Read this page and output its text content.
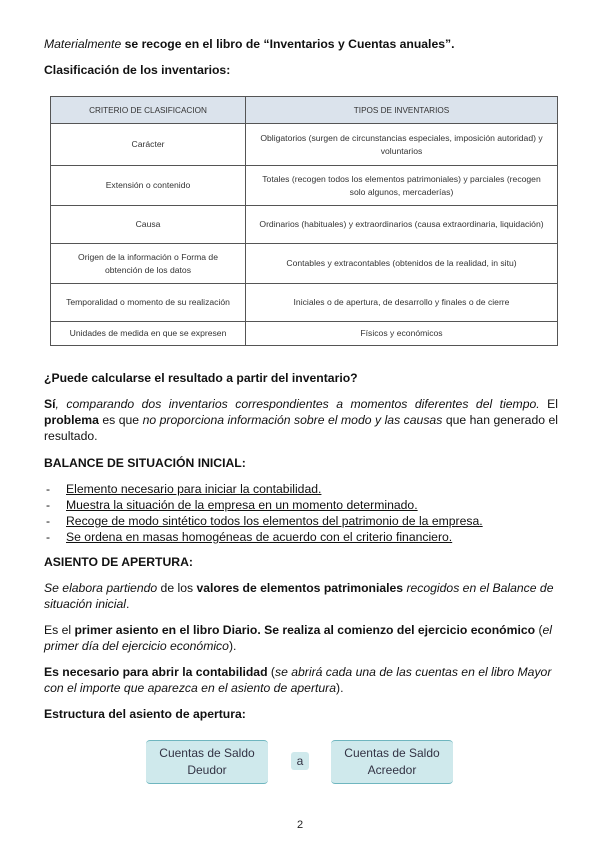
Materialmente se recoge en el libro de “Inventarios y Cuentas anuales”.

Clasificación de los inventarios:

CRITERIO DE CLASIFICACION	TIPOS DE INVENTARIOS
Carácter	Obligatorios (surgen de circunstancias especiales, imposición autoridad) y voluntarios
Extensión o contenido	Totales (recogen todos los elementos patrimoniales) y parciales (recogen solo algunos, mercaderías)
Causa	Ordinarios (habituales) y extraordinarios (causa extraordinaria, liquidación)
Origen de la información o Forma de obtención de los datos	Contables y extracontables (obtenidos de la realidad, in situ)
Temporalidad o momento de su realización	Iniciales o de apertura, de desarrollo y finales o de cierre
Unidades de medida en que se expresen	Físicos y económicos

¿Puede calcularse el resultado a partir del inventario?

Sí, comparando dos inventarios correspondientes a momentos diferentes del tiempo. El problema es que no proporciona información sobre el modo y las causas que han generado el resultado.

BALANCE DE SITUACIÓN INICIAL:

- Elemento necesario para iniciar la contabilidad.
- Muestra la situación de la empresa en un momento determinado.
- Recoge de modo sintético todos los elementos del patrimonio de la empresa.
- Se ordena en masas homogéneas de acuerdo con el criterio financiero.

ASIENTO DE APERTURA:

Se elabora partiendo de los valores de elementos patrimoniales recogidos en el Balance de situación inicial.

Es el primer asiento en el libro Diario. Se realiza al comienzo del ejercicio económico (el primer día del ejercicio económico).

Es necesario para abrir la contabilidad (se abrirá cada una de las cuentas en el libro Mayor con el importe que aparezca en el asiento de apertura).

Estructura del asiento de apertura:

Cuentas de Saldo Deudor
a
Cuentas de Saldo Acreedor
2
